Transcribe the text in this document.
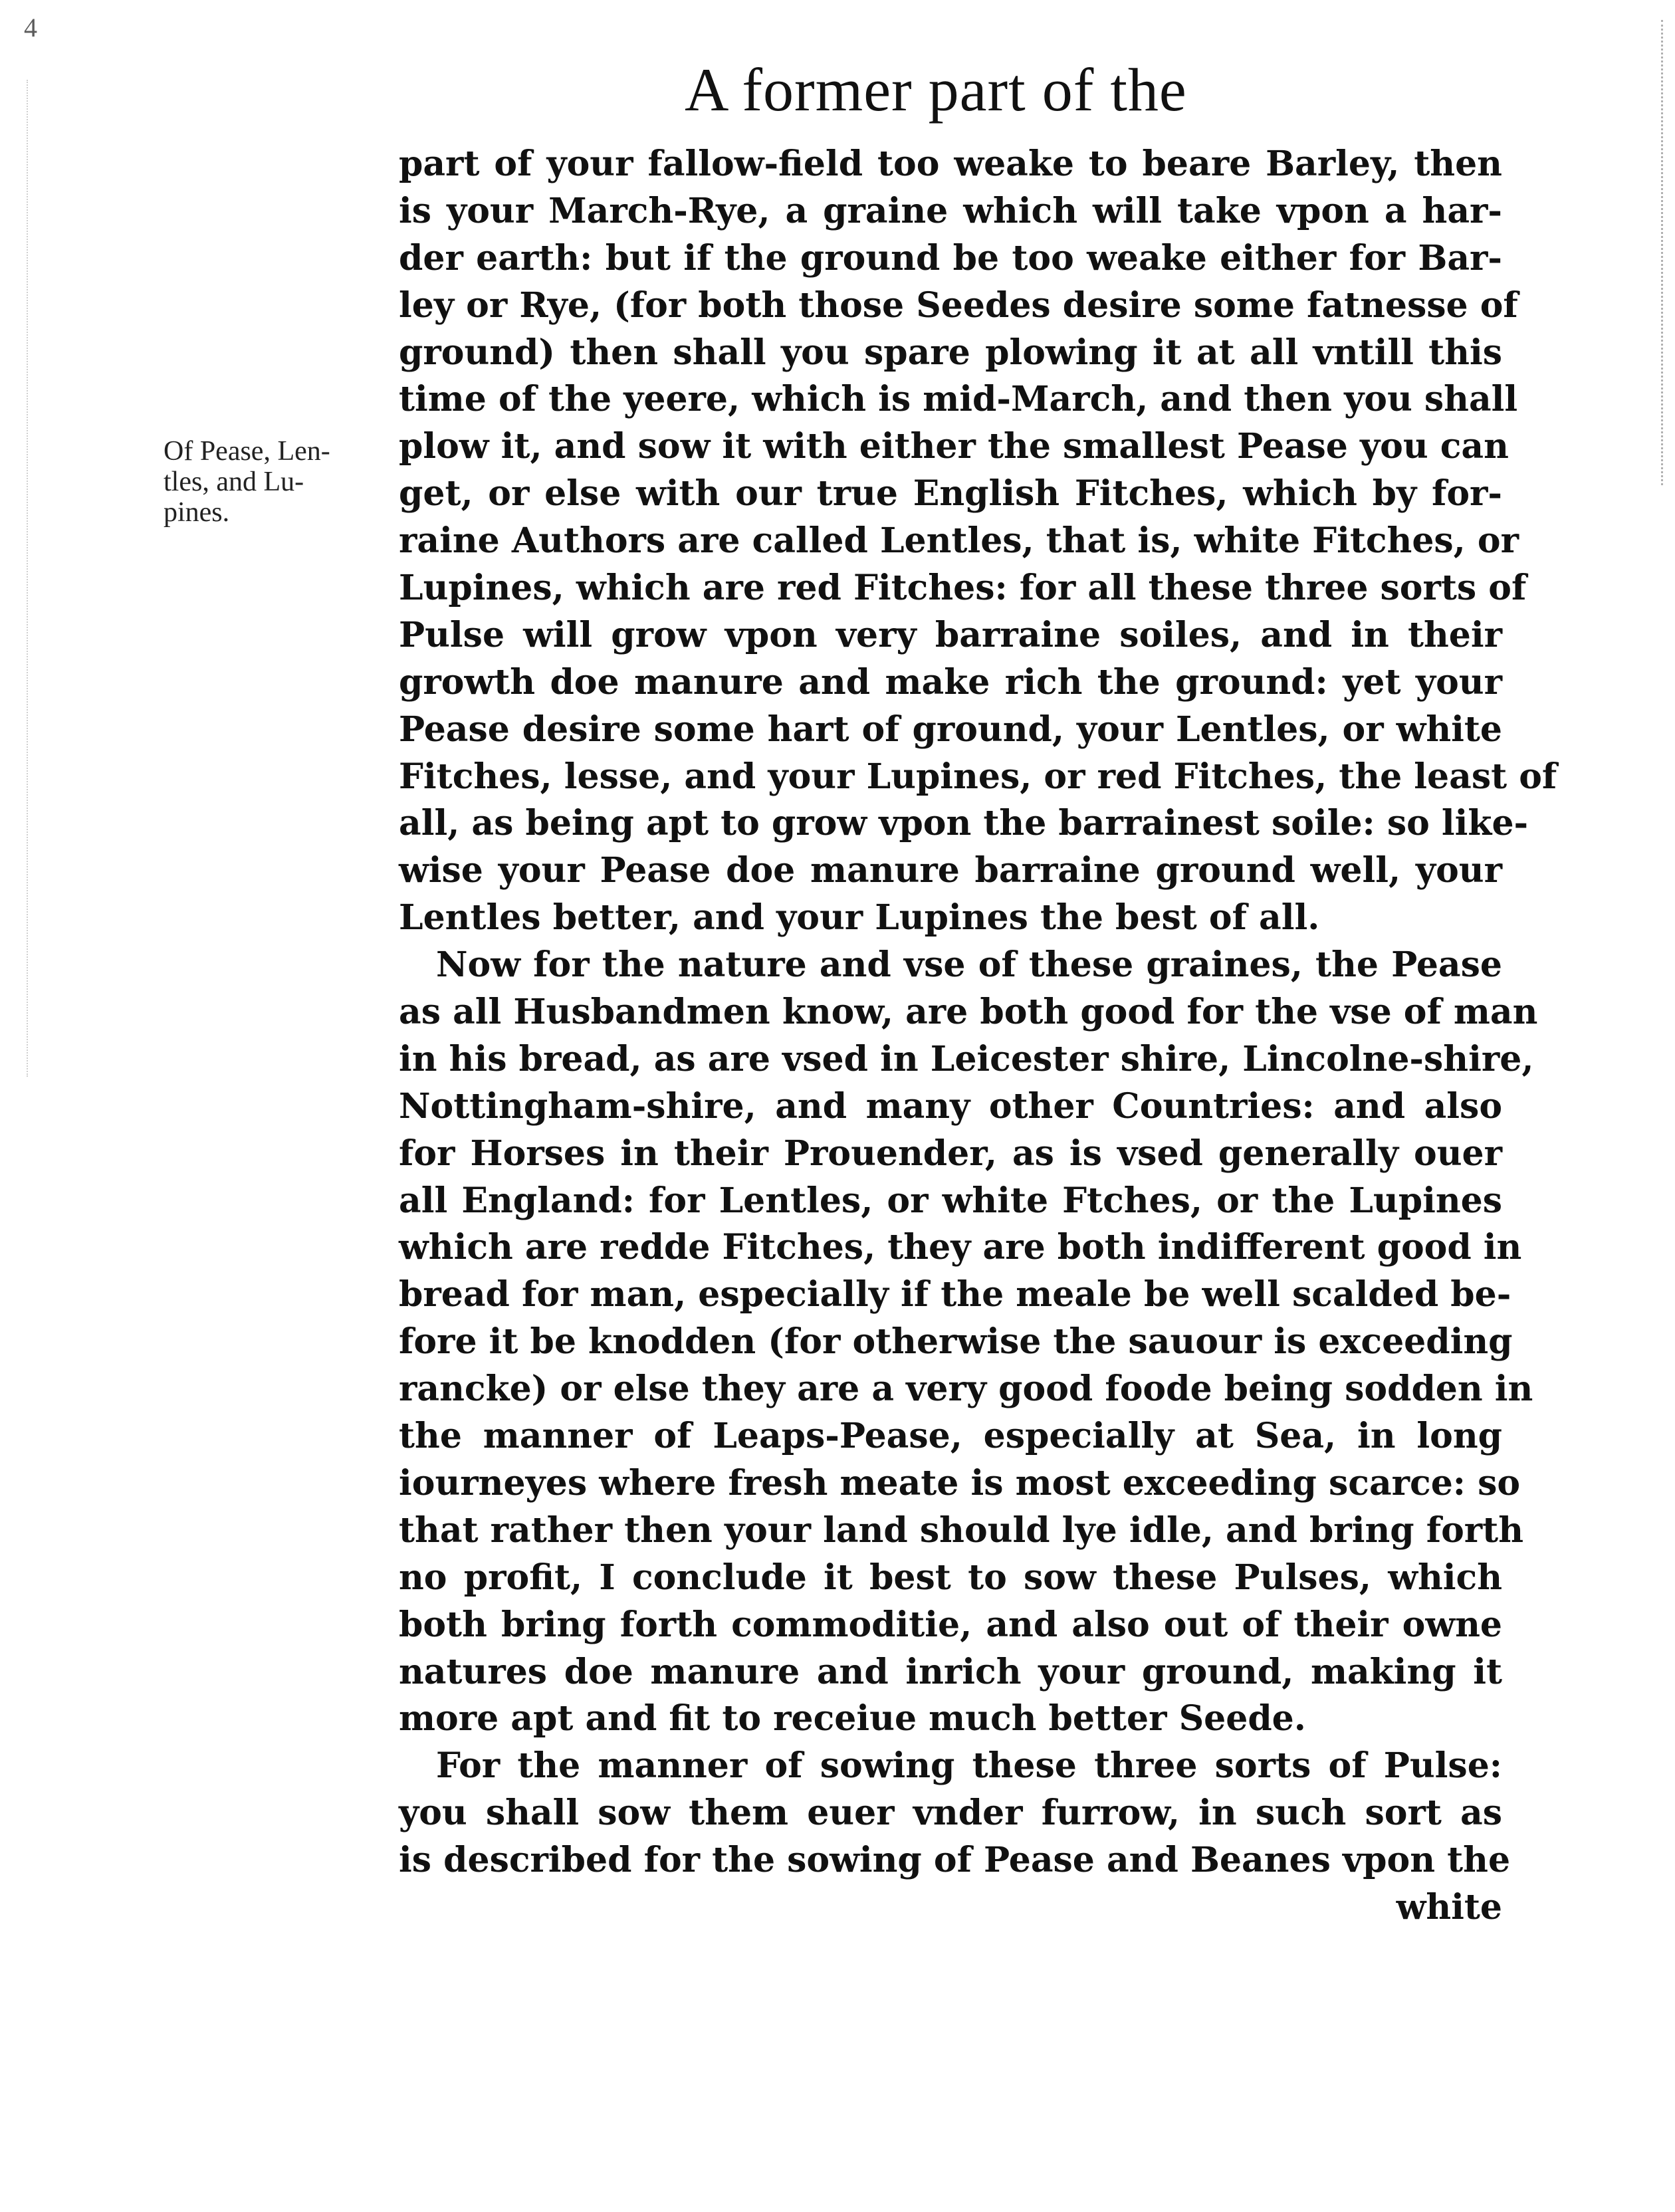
4
A former part of the
Of Pease, Len-
tles, and Lu-
pines.
part of your fallow-field too weake to beare Barley, then
is your March-Rye, a graine which will take vpon a har-
der earth: but if the ground be too weake either for Bar-
ley or Rye, (for both those Seedes desire some fatnesse of
ground) then shall you spare plowing it at all vntill this
time of the yeere, which is mid-March, and then you shall
plow it, and sow it with either the smallest Pease you can
get, or else with our true English Fitches, which by for-
raine Authors are called Lentles, that is, white Fitches, or
Lupines, which are red Fitches: for all these three sorts of
Pulse will grow vpon very barraine soiles, and in their
growth doe manure and make rich the ground: yet your
Pease desire some hart of ground, your Lentles, or white
Fitches, lesse, and your Lupines, or red Fitches, the least of
all, as being apt to grow vpon the barrainest soile: so like-
wise your Pease doe manure barraine ground well, your
Lentles better, and your Lupines the best of all.
Now for the nature and vse of these graines, the Pease
as all Husbandmen know, are both good for the vse of man
in his bread, as are vsed in Leicester shire, Lincolne-shire,
Nottingham-shire, and many other Countries: and also
for Horses in their Prouender, as is vsed generally ouer
all England: for Lentles, or white Ftches, or the Lupines
which are redde Fitches, they are both indifferent good in
bread for man, especially if the meale be well scalded be-
fore it be knodden (for otherwise the sauour is exceeding
rancke) or else they are a very good foode being sodden in
the manner of Leaps-Pease, especially at Sea, in long
iourneyes where fresh meate is most exceeding scarce: so
that rather then your land should lye idle, and bring forth
no profit, I conclude it best to sow these Pulses, which
both bring forth commoditie, and also out of their owne
natures doe manure and inrich your ground, making it
more apt and fit to receiue much better Seede.
For the manner of sowing these three sorts of Pulse:
you shall sow them euer vnder furrow, in such sort as
is described for the sowing of Pease and Beanes vpon the
white
